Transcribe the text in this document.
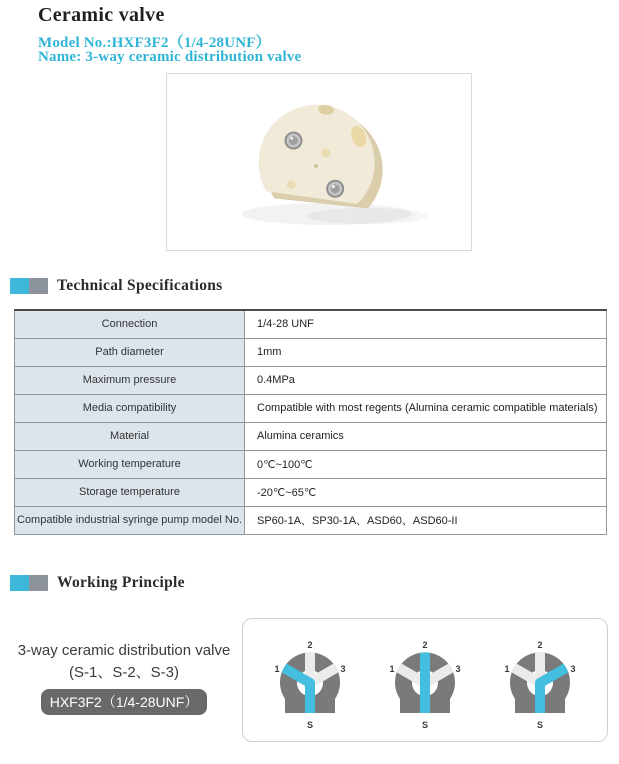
Ceramic valve
Model No.:HXF3F2（1/4-28UNF）
Name: 3-way ceramic distribution valve
Technical Specifications
Connection	1/4-28 UNF
Path diameter	1mm
Maximum pressure	0.4MPa
Media compatibility	Compatible with most regents (Alumina ceramic compatible materials)
Material	Alumina ceramics
Working temperature	0℃~100℃
Storage temperature	-20℃~65℃
Compatible industrial syringe pump model No.	SP60-1A、SP30-1A、ASD60、ASD60-II
Working Principle
3-way ceramic distribution valve
(S-1、S-2、S-3)
HXF3F2（1/4-28UNF）
1
2
3
S
1
2
3
S
1
2
3
S
